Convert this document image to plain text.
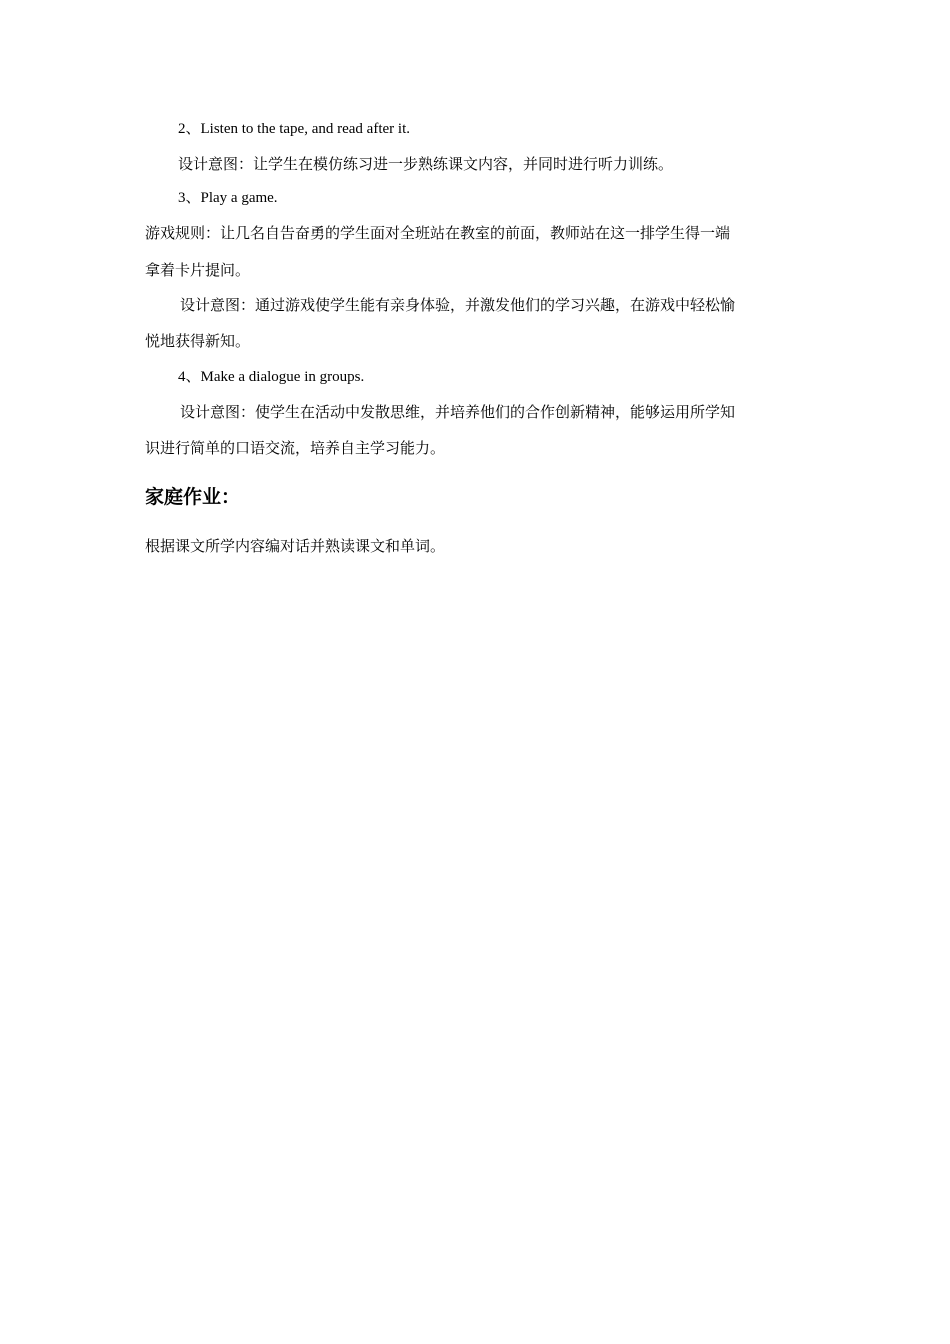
2、Listen to the tape, and read after it.
设计意图：让学生在模仿练习进一步熟练课文内容，并同时进行听力训练。
3、Play a game.
游戏规则：让几名自告奋勇的学生面对全班站在教室的前面，教师站在这一排学生得一端
拿着卡片提问。
设计意图：通过游戏使学生能有亲身体验，并激发他们的学习兴趣，在游戏中轻松愉
悦地获得新知。
4、Make a dialogue in groups.
设计意图：使学生在活动中发散思维，并培养他们的合作创新精神，能够运用所学知
识进行简单的口语交流，培养自主学习能力。
家庭作业：
根据课文所学内容编对话并熟读课文和单词。
